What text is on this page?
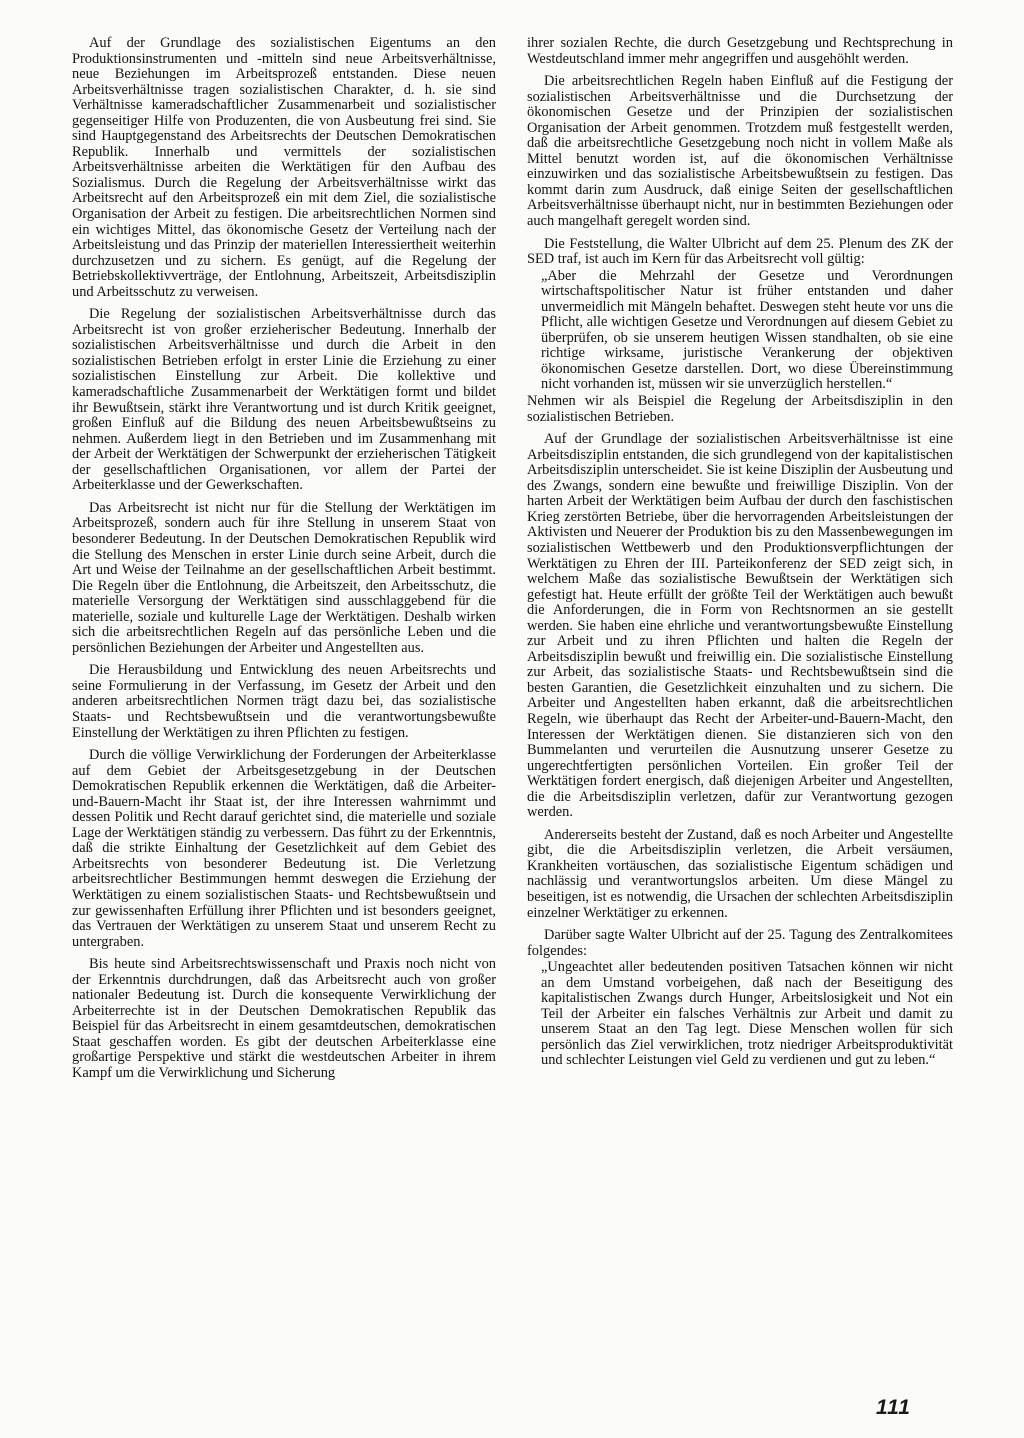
Auf der Grundlage des sozialistischen Eigentums an den Produktionsinstrumenten und -mitteln sind neue Arbeitsverhältnisse, neue Beziehungen im Arbeitsprozeß entstanden. Diese neuen Arbeitsverhältnisse tragen sozialistischen Charakter, d. h. sie sind Verhältnisse kameradschaftlicher Zusammenarbeit und sozialistischer gegenseitiger Hilfe von Produzenten, die von Ausbeutung frei sind. Sie sind Hauptgegenstand des Arbeitsrechts der Deutschen Demokratischen Republik. Innerhalb und vermittels der sozialistischen Arbeitsverhältnisse arbeiten die Werktätigen für den Aufbau des Sozialismus. Durch die Regelung der Arbeitsverhältnisse wirkt das Arbeitsrecht auf den Arbeitsprozeß ein mit dem Ziel, die sozialistische Organisation der Arbeit zu festigen. Die arbeitsrechtlichen Normen sind ein wichtiges Mittel, das ökonomische Gesetz der Verteilung nach der Arbeitsleistung und das Prinzip der materiellen Interessiertheit weiterhin durchzusetzen und zu sichern. Es genügt, auf die Regelung der Betriebskollektivverträge, der Entlohnung, Arbeitszeit, Arbeitsdisziplin und Arbeitsschutz zu verweisen.

Die Regelung der sozialistischen Arbeitsverhältnisse durch das Arbeitsrecht ist von großer erzieherischer Bedeutung. Innerhalb der sozialistischen Arbeitsverhältnisse und durch die Arbeit in den sozialistischen Betrieben erfolgt in erster Linie die Erziehung zu einer sozialistischen Einstellung zur Arbeit. Die kollektive und kameradschaftliche Zusammenarbeit der Werktätigen formt und bildet ihr Bewußtsein, stärkt ihre Verantwortung und ist durch Kritik geeignet, großen Einfluß auf die Bildung des neuen Arbeitsbewußtseins zu nehmen. Außerdem liegt in den Betrieben und im Zusammenhang mit der Arbeit der Werktätigen der Schwerpunkt der erzieherischen Tätigkeit der gesellschaftlichen Organisationen, vor allem der Partei der Arbeiterklasse und der Gewerkschaften.

Das Arbeitsrecht ist nicht nur für die Stellung der Werktätigen im Arbeitsprozeß, sondern auch für ihre Stellung in unserem Staat von besonderer Bedeutung. In der Deutschen Demokratischen Republik wird die Stellung des Menschen in erster Linie durch seine Arbeit, durch die Art und Weise der Teilnahme an der gesellschaftlichen Arbeit bestimmt. Die Regeln über die Entlohnung, die Arbeitszeit, den Arbeitsschutz, die materielle Versorgung der Werktätigen sind ausschlaggebend für die materielle, soziale und kulturelle Lage der Werktätigen. Deshalb wirken sich die arbeitsrechtlichen Regeln auf das persönliche Leben und die persönlichen Beziehungen der Arbeiter und Angestellten aus.

Die Herausbildung und Entwicklung des neuen Arbeitsrechts und seine Formulierung in der Verfassung, im Gesetz der Arbeit und den anderen arbeitsrechtlichen Normen trägt dazu bei, das sozialistische Staats- und Rechtsbewußtsein und die verantwortungsbewußte Einstellung der Werktätigen zu ihren Pflichten zu festigen.

Durch die völlige Verwirklichung der Forderungen der Arbeiterklasse auf dem Gebiet der Arbeitsgesetzgebung in der Deutschen Demokratischen Republik erkennen die Werktätigen, daß die Arbeiter-und-Bauern-Macht ihr Staat ist, der ihre Interessen wahrnimmt und dessen Politik und Recht darauf gerichtet sind, die materielle und soziale Lage der Werktätigen ständig zu verbessern. Das führt zu der Erkenntnis, daß die strikte Einhaltung der Gesetzlichkeit auf dem Gebiet des Arbeitsrechts von besonderer Bedeutung ist. Die Verletzung arbeitsrechtlicher Bestimmungen hemmt deswegen die Erziehung der Werktätigen zu einem sozialistischen Staats- und Rechtsbewußtsein und zur gewissenhaften Erfüllung ihrer Pflichten und ist besonders geeignet, das Vertrauen der Werktätigen zu unserem Staat und unserem Recht zu untergraben.

Bis heute sind Arbeitsrechtswissenschaft und Praxis noch nicht von der Erkenntnis durchdrungen, daß das Arbeitsrecht auch von großer nationaler Bedeutung ist. Durch die konsequente Verwirklichung der Arbeiterrechte ist in der Deutschen Demokratischen Republik das Beispiel für das Arbeitsrecht in einem gesamtdeutschen, demokratischen Staat geschaffen worden. Es gibt der deutschen Arbeiterklasse eine großartige Perspektive und stärkt die westdeutschen Arbeiter in ihrem Kampf um die Verwirklichung und Sicherung

ihrer sozialen Rechte, die durch Gesetzgebung und Rechtsprechung in Westdeutschland immer mehr angegriffen und ausgehöhlt werden.

Die arbeitsrechtlichen Regeln haben Einfluß auf die Festigung der sozialistischen Arbeitsverhältnisse und die Durchsetzung der ökonomischen Gesetze und der Prinzipien der sozialistischen Organisation der Arbeit genommen. Trotzdem muß festgestellt werden, daß die arbeitsrechtliche Gesetzgebung noch nicht in vollem Maße als Mittel benutzt worden ist, auf die ökonomischen Verhältnisse einzuwirken und das sozialistische Arbeitsbewußtsein zu festigen. Das kommt darin zum Ausdruck, daß einige Seiten der gesellschaftlichen Arbeitsverhältnisse überhaupt nicht, nur in bestimmten Beziehungen oder auch mangelhaft geregelt worden sind.

Die Feststellung, die Walter Ulbricht auf dem 25. Plenum des ZK der SED traf, ist auch im Kern für das Arbeitsrecht voll gültig:

„Aber die Mehrzahl der Gesetze und Verordnungen wirtschaftspolitischer Natur ist früher entstanden und daher unvermeidlich mit Mängeln behaftet. Deswegen steht heute vor uns die Pflicht, alle wichtigen Gesetze und Verordnungen auf diesem Gebiet zu überprüfen, ob sie unserem heutigen Wissen standhalten, ob sie eine richtige wirksame, juristische Verankerung der objektiven ökonomischen Gesetze darstellen. Dort, wo diese Übereinstimmung nicht vorhanden ist, müssen wir sie unverzüglich herstellen.“

Nehmen wir als Beispiel die Regelung der Arbeitsdisziplin in den sozialistischen Betrieben.

Auf der Grundlage der sozialistischen Arbeitsverhältnisse ist eine Arbeitsdisziplin entstanden, die sich grundlegend von der kapitalistischen Arbeitsdisziplin unterscheidet. Sie ist keine Disziplin der Ausbeutung und des Zwangs, sondern eine bewußte und freiwillige Disziplin. Von der harten Arbeit der Werktätigen beim Aufbau der durch den faschistischen Krieg zerstörten Betriebe, über die hervorragenden Arbeitsleistungen der Aktivisten und Neuerer der Produktion bis zu den Massenbewegungen im sozialistischen Wettbewerb und den Produktionsverpflichtungen der Werktätigen zu Ehren der III. Parteikonferenz der SED zeigt sich, in welchem Maße das sozialistische Bewußtsein der Werktätigen sich gefestigt hat. Heute erfüllt der größte Teil der Werktätigen auch bewußt die Anforderungen, die in Form von Rechtsnormen an sie gestellt werden. Sie haben eine ehrliche und verantwortungsbewußte Einstellung zur Arbeit und zu ihren Pflichten und halten die Regeln der Arbeitsdisziplin bewußt und freiwillig ein. Die sozialistische Einstellung zur Arbeit, das sozialistische Staats- und Rechtsbewußtsein sind die besten Garantien, die Gesetzlichkeit einzuhalten und zu sichern. Die Arbeiter und Angestellten haben erkannt, daß die arbeitsrechtlichen Regeln, wie überhaupt das Recht der Arbeiter-und-Bauern-Macht, den Interessen der Werktätigen dienen. Sie distanzieren sich von den Bummelanten und verurteilen die Ausnutzung unserer Gesetze zu ungerechtfertigten persönlichen Vorteilen. Ein großer Teil der Werktätigen fordert energisch, daß diejenigen Arbeiter und Angestellten, die die Arbeitsdisziplin verletzen, dafür zur Verantwortung gezogen werden.

Andererseits besteht der Zustand, daß es noch Arbeiter und Angestellte gibt, die die Arbeitsdisziplin verletzen, die Arbeit versäumen, Krankheiten vortäuschen, das sozialistische Eigentum schädigen und nachlässig und verantwortungslos arbeiten. Um diese Mängel zu beseitigen, ist es notwendig, die Ursachen der schlechten Arbeitsdisziplin einzelner Werktätiger zu erkennen.

Darüber sagte Walter Ulbricht auf der 25. Tagung des Zentralkomitees folgendes:

„Ungeachtet aller bedeutenden positiven Tatsachen können wir nicht an dem Umstand vorbeigehen, daß nach der Beseitigung des kapitalistischen Zwangs durch Hunger, Arbeitslosigkeit und Not ein Teil der Arbeiter ein falsches Verhältnis zur Arbeit und damit zu unserem Staat an den Tag legt. Diese Menschen wollen für sich persönlich das Ziel verwirklichen, trotz niedriger Arbeitsproduktivität und schlechter Leistungen viel Geld zu verdienen und gut zu leben.“

111
